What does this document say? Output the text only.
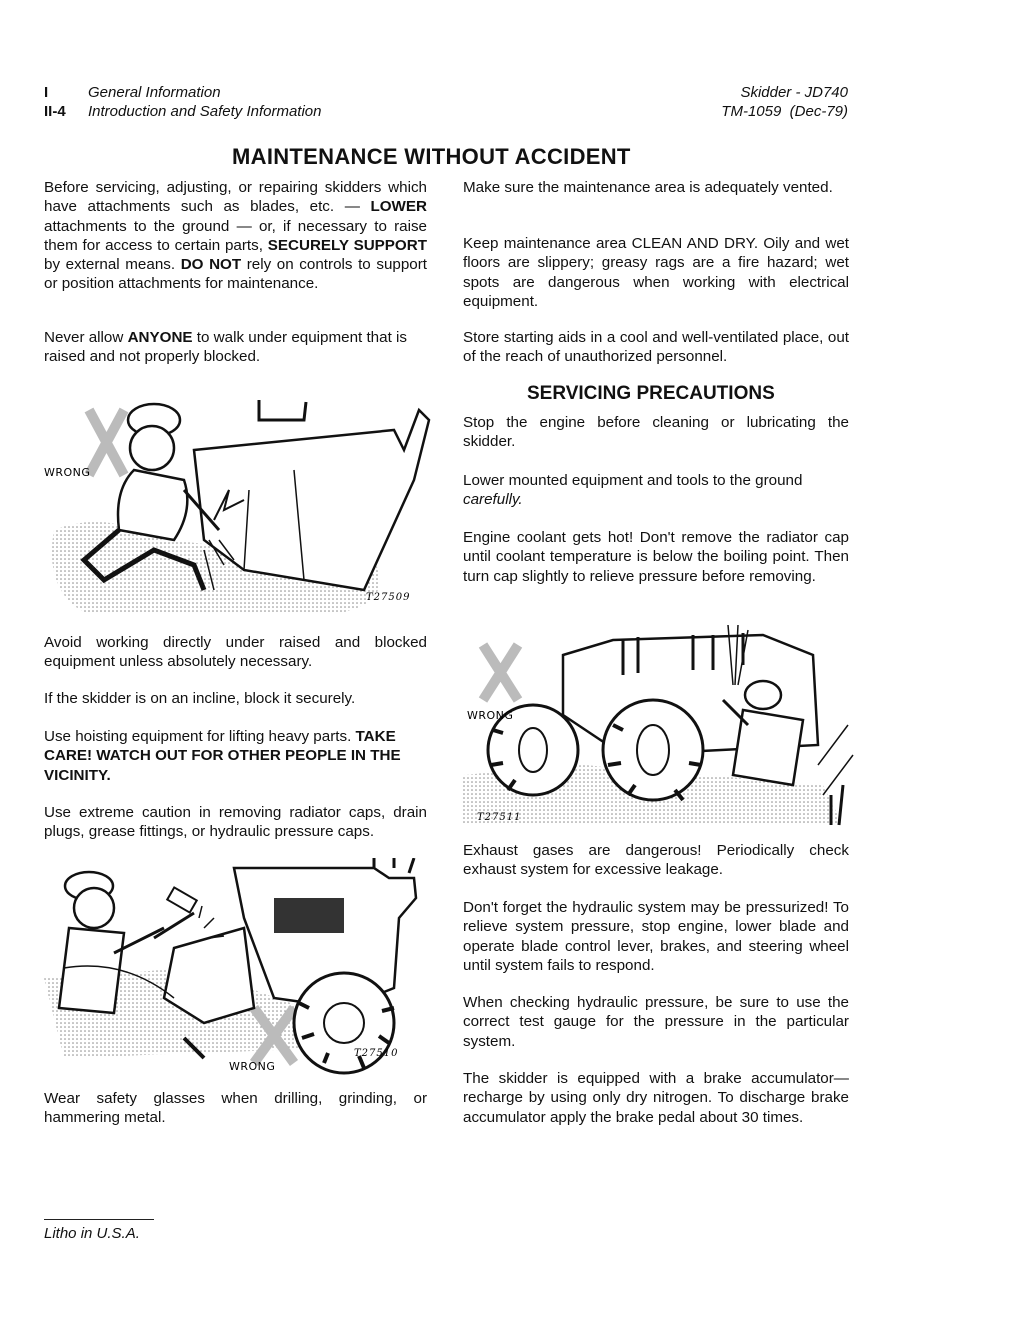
I	General Information
II-4 Introduction and Safety Information
Skidder - JD740
TM-1059  (Dec-79)
MAINTENANCE WITHOUT ACCIDENT

Before servicing, adjusting, or repairing skidders which have attachments such as blades, etc. — LOWER attachments to the ground — or, if necessary to raise them for access to certain parts, SECURELY SUPPORT by external means. DO NOT rely on controls to support or position attachments for maintenance.

Never allow ANYONE to walk under equipment that is raised and not properly blocked.

T27509
WRONG

Avoid working directly under raised and blocked equipment unless absolutely necessary.

If the skidder is on an incline, block it securely.

Use hoisting equipment for lifting heavy parts. TAKE CARE! WATCH OUT FOR OTHER PEOPLE IN THE VICINITY.

Use extreme caution in removing radiator caps, drain plugs, grease fittings, or hydraulic pressure caps.

T27510
WRONG

Wear safety glasses when drilling, grinding, or hammering metal.

Make sure the maintenance area is adequately vented.

Keep maintenance area CLEAN AND DRY. Oily and wet floors are slippery; greasy rags are a fire hazard; wet spots are dangerous when working with electrical equipment.

Store starting aids in a cool and well-ventilated place, out of the reach of unauthorized personnel.

SERVICING PRECAUTIONS

Stop the engine before cleaning or lubricating the skidder.

Lower mounted equipment and tools to the ground carefully.

Engine coolant gets hot! Don't remove the radiator cap until coolant temperature is below the boiling point. Then turn cap slightly to relieve pressure before removing.

T27511
WRONG

Exhaust gases are dangerous! Periodically check exhaust system for excessive leakage.

Don't forget the hydraulic system may be pressurized! To relieve system pressure, stop engine, lower blade and operate blade control lever, brakes, and steering wheel until system fails to respond.

When checking hydraulic pressure, be sure to use the correct test gauge for the pressure in the particular system.

The skidder is equipped with a brake accumulator—recharge by using only dry nitrogen. To discharge brake accumulator apply the brake pedal about 30 times.

Litho in U.S.A.
